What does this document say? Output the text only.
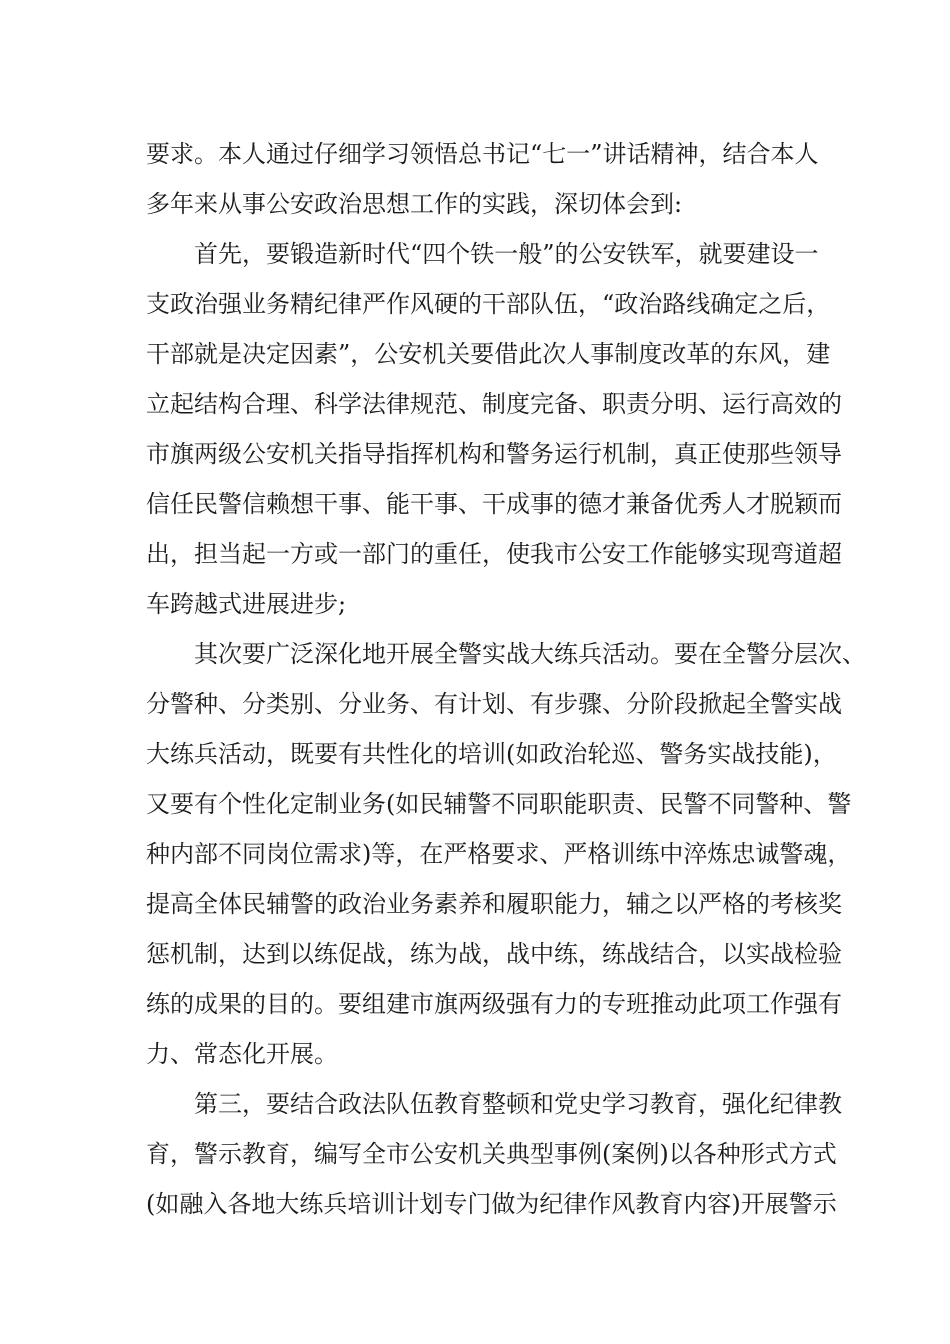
要求。本人通过仔细学习领悟总书记“七一”讲话精神，结合本人
多年来从事公安政治思想工作的实践，深切体会到:
首先，要锻造新时代“四个铁一般”的公安铁军，就要建设一
支政治强业务精纪律严作风硬的干部队伍，“政治路线确定之后，
干部就是决定因素”，公安机关要借此次人事制度改革的东风，建
立起结构合理、科学法律规范、制度完备、职责分明、运行高效的
市旗两级公安机关指导指挥机构和警务运行机制，真正使那些领导
信任民警信赖想干事、能干事、干成事的德才兼备优秀人才脱颖而
出，担当起一方或一部门的重任，使我市公安工作能够实现弯道超
车跨越式进展进步;
其次要广泛深化地开展全警实战大练兵活动。要在全警分层次、
分警种、分类别、分业务、有计划、有步骤、分阶段掀起全警实战
大练兵活动，既要有共性化的培训(如政治轮巡、警务实战技能)，
又要有个性化定制业务(如民辅警不同职能职责、民警不同警种、警
种内部不同岗位需求)等，在严格要求、严格训练中淬炼忠诚警魂，
提高全体民辅警的政治业务素养和履职能力，辅之以严格的考核奖
惩机制，达到以练促战，练为战，战中练，练战结合，以实战检验
练的成果的目的。要组建市旗两级强有力的专班推动此项工作强有
力、常态化开展。
第三，要结合政法队伍教育整顿和党史学习教育，强化纪律教
育，警示教育，编写全市公安机关典型事例(案例)以各种形式方式
(如融入各地大练兵培训计划专门做为纪律作风教育内容)开展警示
